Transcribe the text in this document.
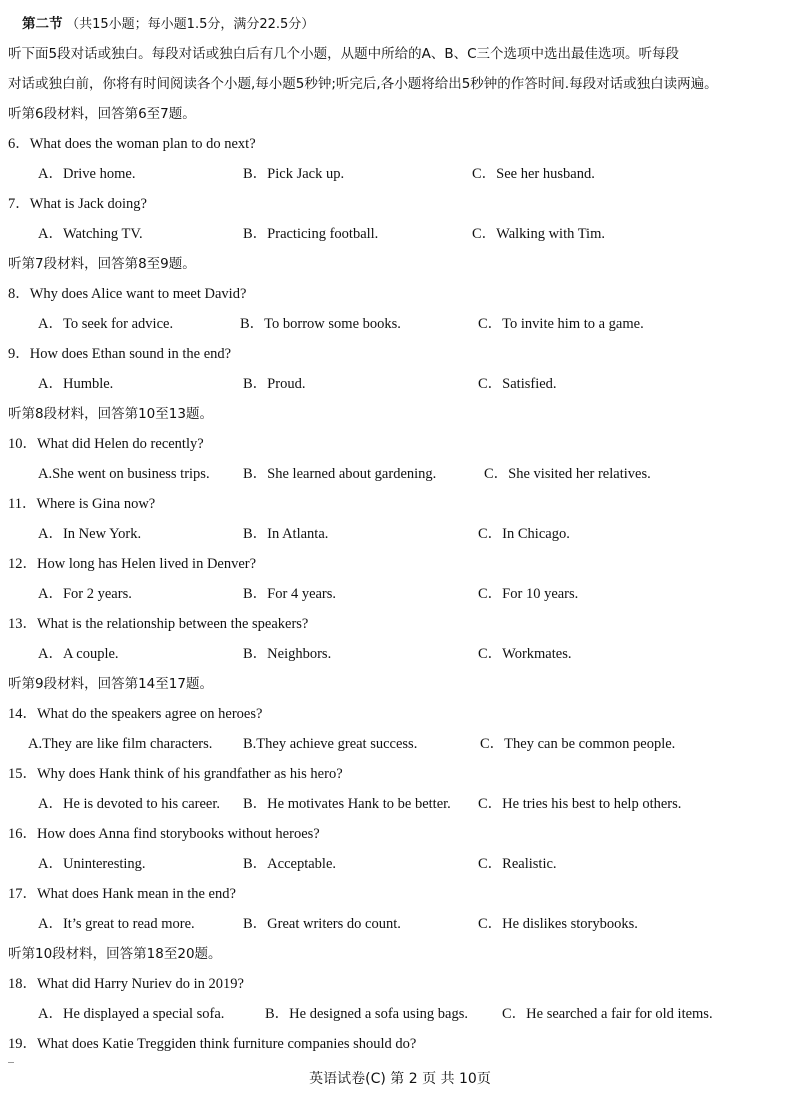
第二节 （共15小题；每小题1.5分，满分22.5分）
听下面5段对话或独白。每段对话或独白后有几个小题，从题中所给的A、B、C三个选项中选出最佳选项。听每段
对话或独白前，你将有时间阅读各个小题,每小题5秒钟;听完后,各小题将给出5秒钟的作答时间.每段对话或独白读两遍。
听第6段材料，回答第6至7题。
6．What does the woman plan to do next?
A．Drive home.	B．Pick Jack up.	C．See her husband.
7．What is Jack doing?
A．Watching TV.	B．Practicing football.	C．Walking with Tim.
听第7段材料，回答第8至9题。
8．Why does Alice want to meet David?
A．To seek for advice.	B．To borrow some books.	C．To invite him to a game.
9．How does Ethan sound in the end?
A．Humble.	B．Proud.	C．Satisfied.
听第8段材料，回答第10至13题。
10．What did Helen do recently?
A.She went on business trips. B．She learned about gardening.	C．She visited her relatives.
11．Where is Gina now?
A．In New York.	B．In Atlanta.	C．In Chicago.
12．How long has Helen lived in Denver?
A．For 2 years.	B．For 4 years.	C．For 10 years.
13．What is the relationship between the speakers?
A．A couple.	B．Neighbors.	C．Workmates.
听第9段材料，回答第14至17题。
14．What do the speakers agree on heroes?
A.They are like film characters. B.They achieve great success.	C．They can be common people.
15．Why does Hank think of his grandfather as his hero?
A．He is devoted to his career. B．He motivates Hank to be better. C．He tries his best to help others.
16．How does Anna find storybooks without heroes?
A．Uninteresting.	B．Acceptable.	C．Realistic.
17．What does Hank mean in the end?
A．It’s great to read more.	B．Great writers do count.	C．He dislikes storybooks.
听第10段材料，回答第18至20题。
18．What did Harry Nuriev do in 2019?
A．He displayed a special sofa.	B．He designed a sofa using bags. C．He searched a fair for old items.
19．What does Katie Treggiden think furniture companies should do?
英语试卷(C) 第 2 页 共 10页
